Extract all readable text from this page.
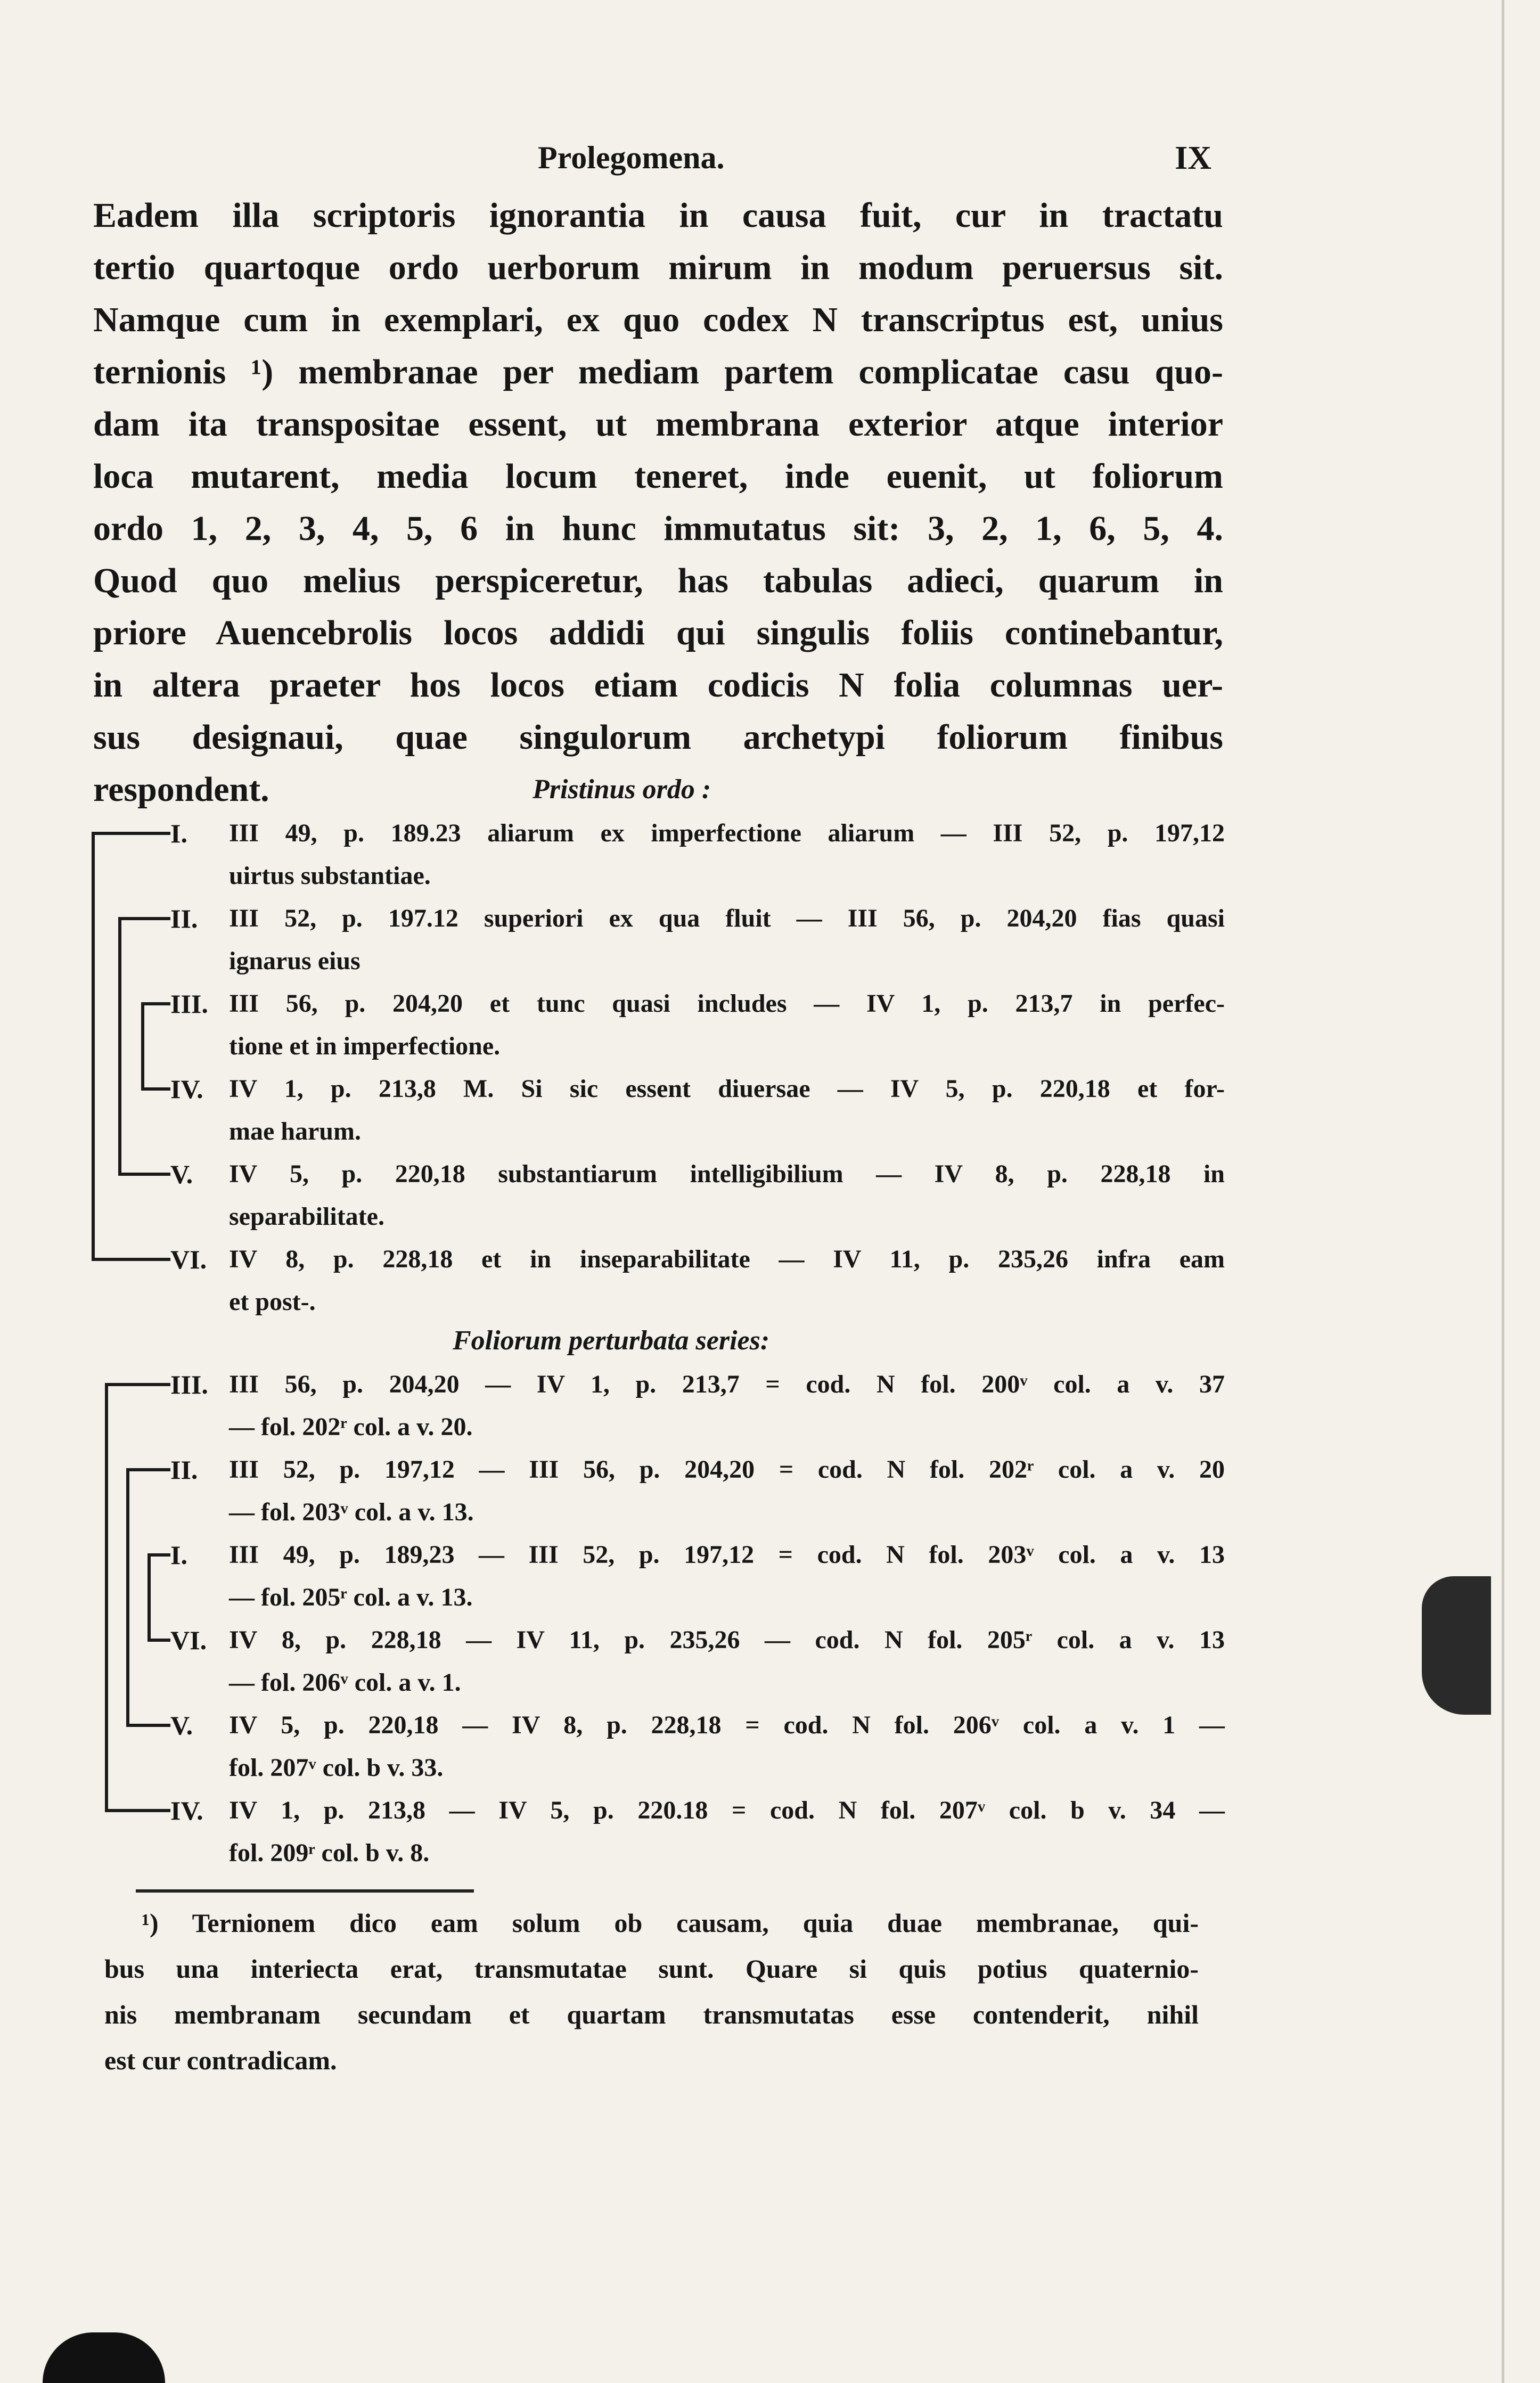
Prolegomena.	IX
Eadem illa scriptoris ignorantia in causa fuit, cur in tractatu
tertio quartoque ordo uerborum mirum in modum peruersus sit.
Namque cum in exemplari, ex quo codex N transcriptus est, unius
ternionis ¹) membranae per mediam partem complicatae casu quo-
dam ita transpositae essent, ut membrana exterior atque interior
loca mutarent, media locum teneret, inde euenit, ut foliorum
ordo 1, 2, 3, 4, 5, 6 in hunc immutatus sit: 3, 2, 1, 6, 5, 4.
Quod quo melius perspiceretur, has tabulas adieci, quarum in
priore Auencebrolis locos addidi qui singulis foliis continebantur,
in altera praeter hos locos etiam codicis N folia columnas uer-
sus designaui, quae singulorum archetypi foliorum finibus
respondent.	Pristinus ordo :
I.	III 49, p. 189.23 aliarum ex imperfectione aliarum — III 52, p. 197,12
uirtus substantiae.
II.	III 52, p. 197.12 superiori ex qua fluit — III 56, p. 204,20 fias quasi
ignarus eius
III. III 56, p. 204,20 et tunc quasi includes — IV 1, p. 213,7 in perfec-
tione et in imperfectione.
IV.	IV 1, p. 213,8 M. Si sic essent diuersae — IV 5, p. 220,18 et for-
mae harum.
V.	IV 5, p. 220,18 substantiarum intelligibilium — IV 8, p. 228,18 in
separabilitate.
VI. IV 8, p. 228,18 et in inseparabilitate — IV 11, p. 235,26 infra eam
et post-.
Foliorum perturbata series:
III. III 56, p. 204,20 — IV 1, p. 213,7 = cod. N fol. 200ᵛ col. a v. 37
— fol. 202ʳ col. a v. 20.
II.	III 52, p. 197,12 — III 56, p. 204,20 = cod. N fol. 202ʳ col. a v. 20
— fol. 203ᵛ col. a v. 13.
I.	III 49, p. 189,23 — III 52, p. 197,12 = cod. N fol. 203ᵛ col. a v. 13
— fol. 205ʳ col. a v. 13.
VI. IV 8, p. 228,18 — IV 11, p. 235,26 — cod. N fol. 205ʳ col. a v. 13
— fol. 206ᵛ col. a v. 1.
V.	IV 5, p. 220,18 — IV 8, p. 228,18 = cod. N fol. 206ᵛ col. a v. 1 —
fol. 207ᵛ col. b v. 33.
IV.	IV 1, p. 213,8 — IV 5, p. 220.18 = cod. N fol. 207ᵛ col. b v. 34 —
fol. 209ʳ col. b v. 8.
¹) Ternionem dico eam solum ob causam, quia duae membranae, qui-
bus una interiecta erat, transmutatae sunt. Quare si quis potius quaternio-
nis membranam secundam et quartam transmutatas esse contenderit, nihil
est cur contradicam.
